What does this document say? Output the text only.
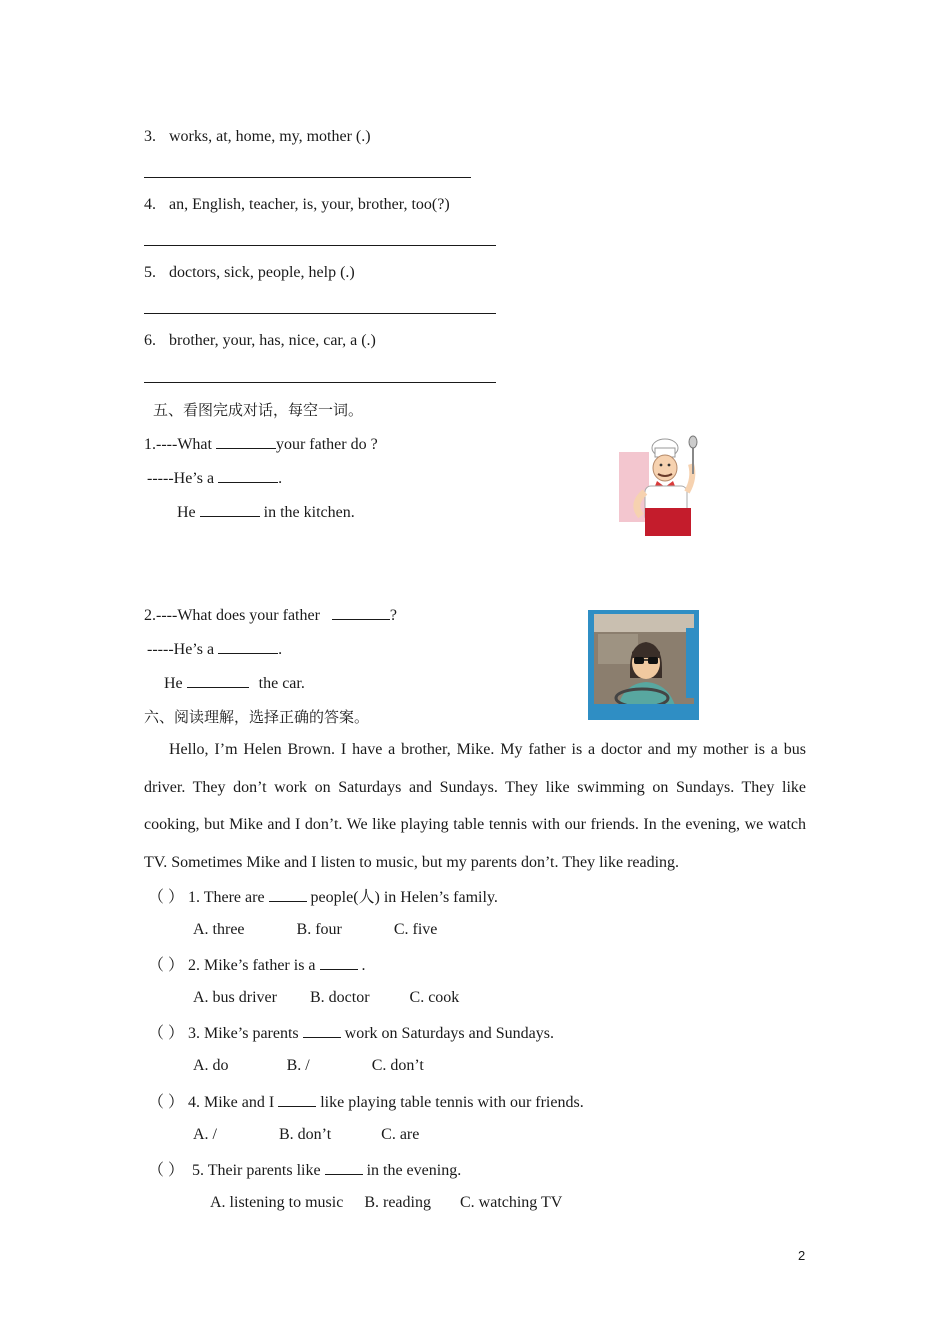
3. works, at, home, my, mother (.)
4. an, English, teacher, is, your, brother, too(?)
5. doctors, sick, people, help (.)
6. brother, your, has, nice, car, a (.)
五、看图完成对话，每空一词。
1.----What	your father do ?
-----He’s a	.
He	in the kitchen.
2.----What does your father	?
-----He’s a	.
He	the car.
六、阅读理解，选择正确的答案。
Hello, I’m Helen Brown. I have a brother, Mike. My father is a doctor and my mother is a bus driver. They don’t work on Saturdays and Sundays. They like swimming on Sundays. They like cooking, but Mike and I don’t. We like playing table tennis with our friends. In the evening, we watch TV. Sometimes Mike and I listen to music, but my parents don’t. They like reading.
（ ） 1. There are  people(人) in Helen’s family.
A. three	B. four	C. five
（ ） 2. Mike’s father is a  .
A. bus driver B. doctor	C. cook
（ ） 3. Mike’s parents  work on Saturdays and Sundays.
A. do	B. /	C. don’t
（ ） 4. Mike and I  like playing table tennis with our friends.
A. /	B. don’t	C. are
（ ） 5. Their parents like  in the evening.
A. listening to music B. reading C. watching TV
2
